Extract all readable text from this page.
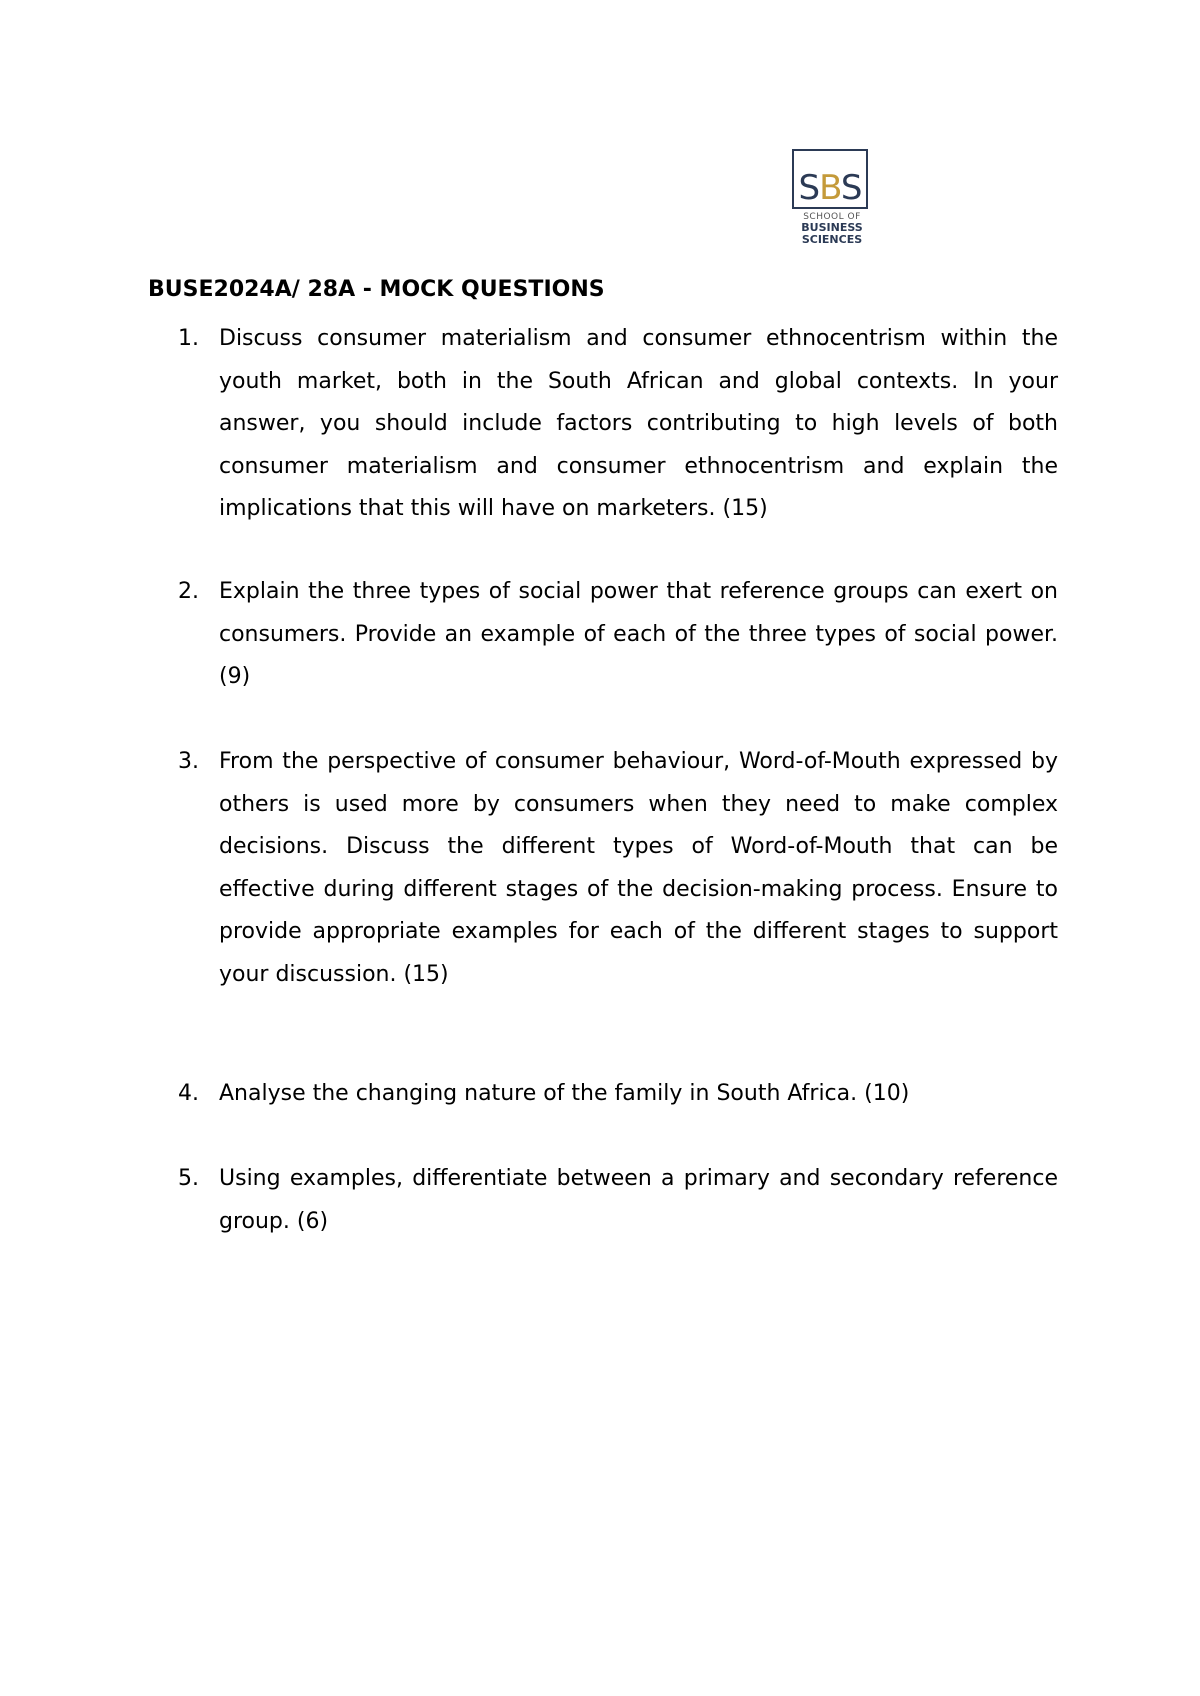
SBS
SCHOOL OF
BUSINESS
SCIENCES
BUSE2024A/ 28A - MOCK QUESTIONS
1. Discuss consumer materialism and consumer ethnocentrism within the youth market, both in the South African and global contexts. In your answer, you should include factors contributing to high levels of both consumer materialism and consumer ethnocentrism and explain the implications that this will have on marketers. (15)
2. Explain the three types of social power that reference groups can exert on consumers. Provide an example of each of the three types of social power. (9)
3. From the perspective of consumer behaviour, Word-of-Mouth expressed by others is used more by consumers when they need to make complex decisions. Discuss the different types of Word-of-Mouth that can be effective during different stages of the decision-making process. Ensure to provide appropriate examples for each of the different stages to support your discussion. (15)
4. Analyse the changing nature of the family in South Africa. (10)
5. Using examples, differentiate between a primary and secondary reference group. (6)
